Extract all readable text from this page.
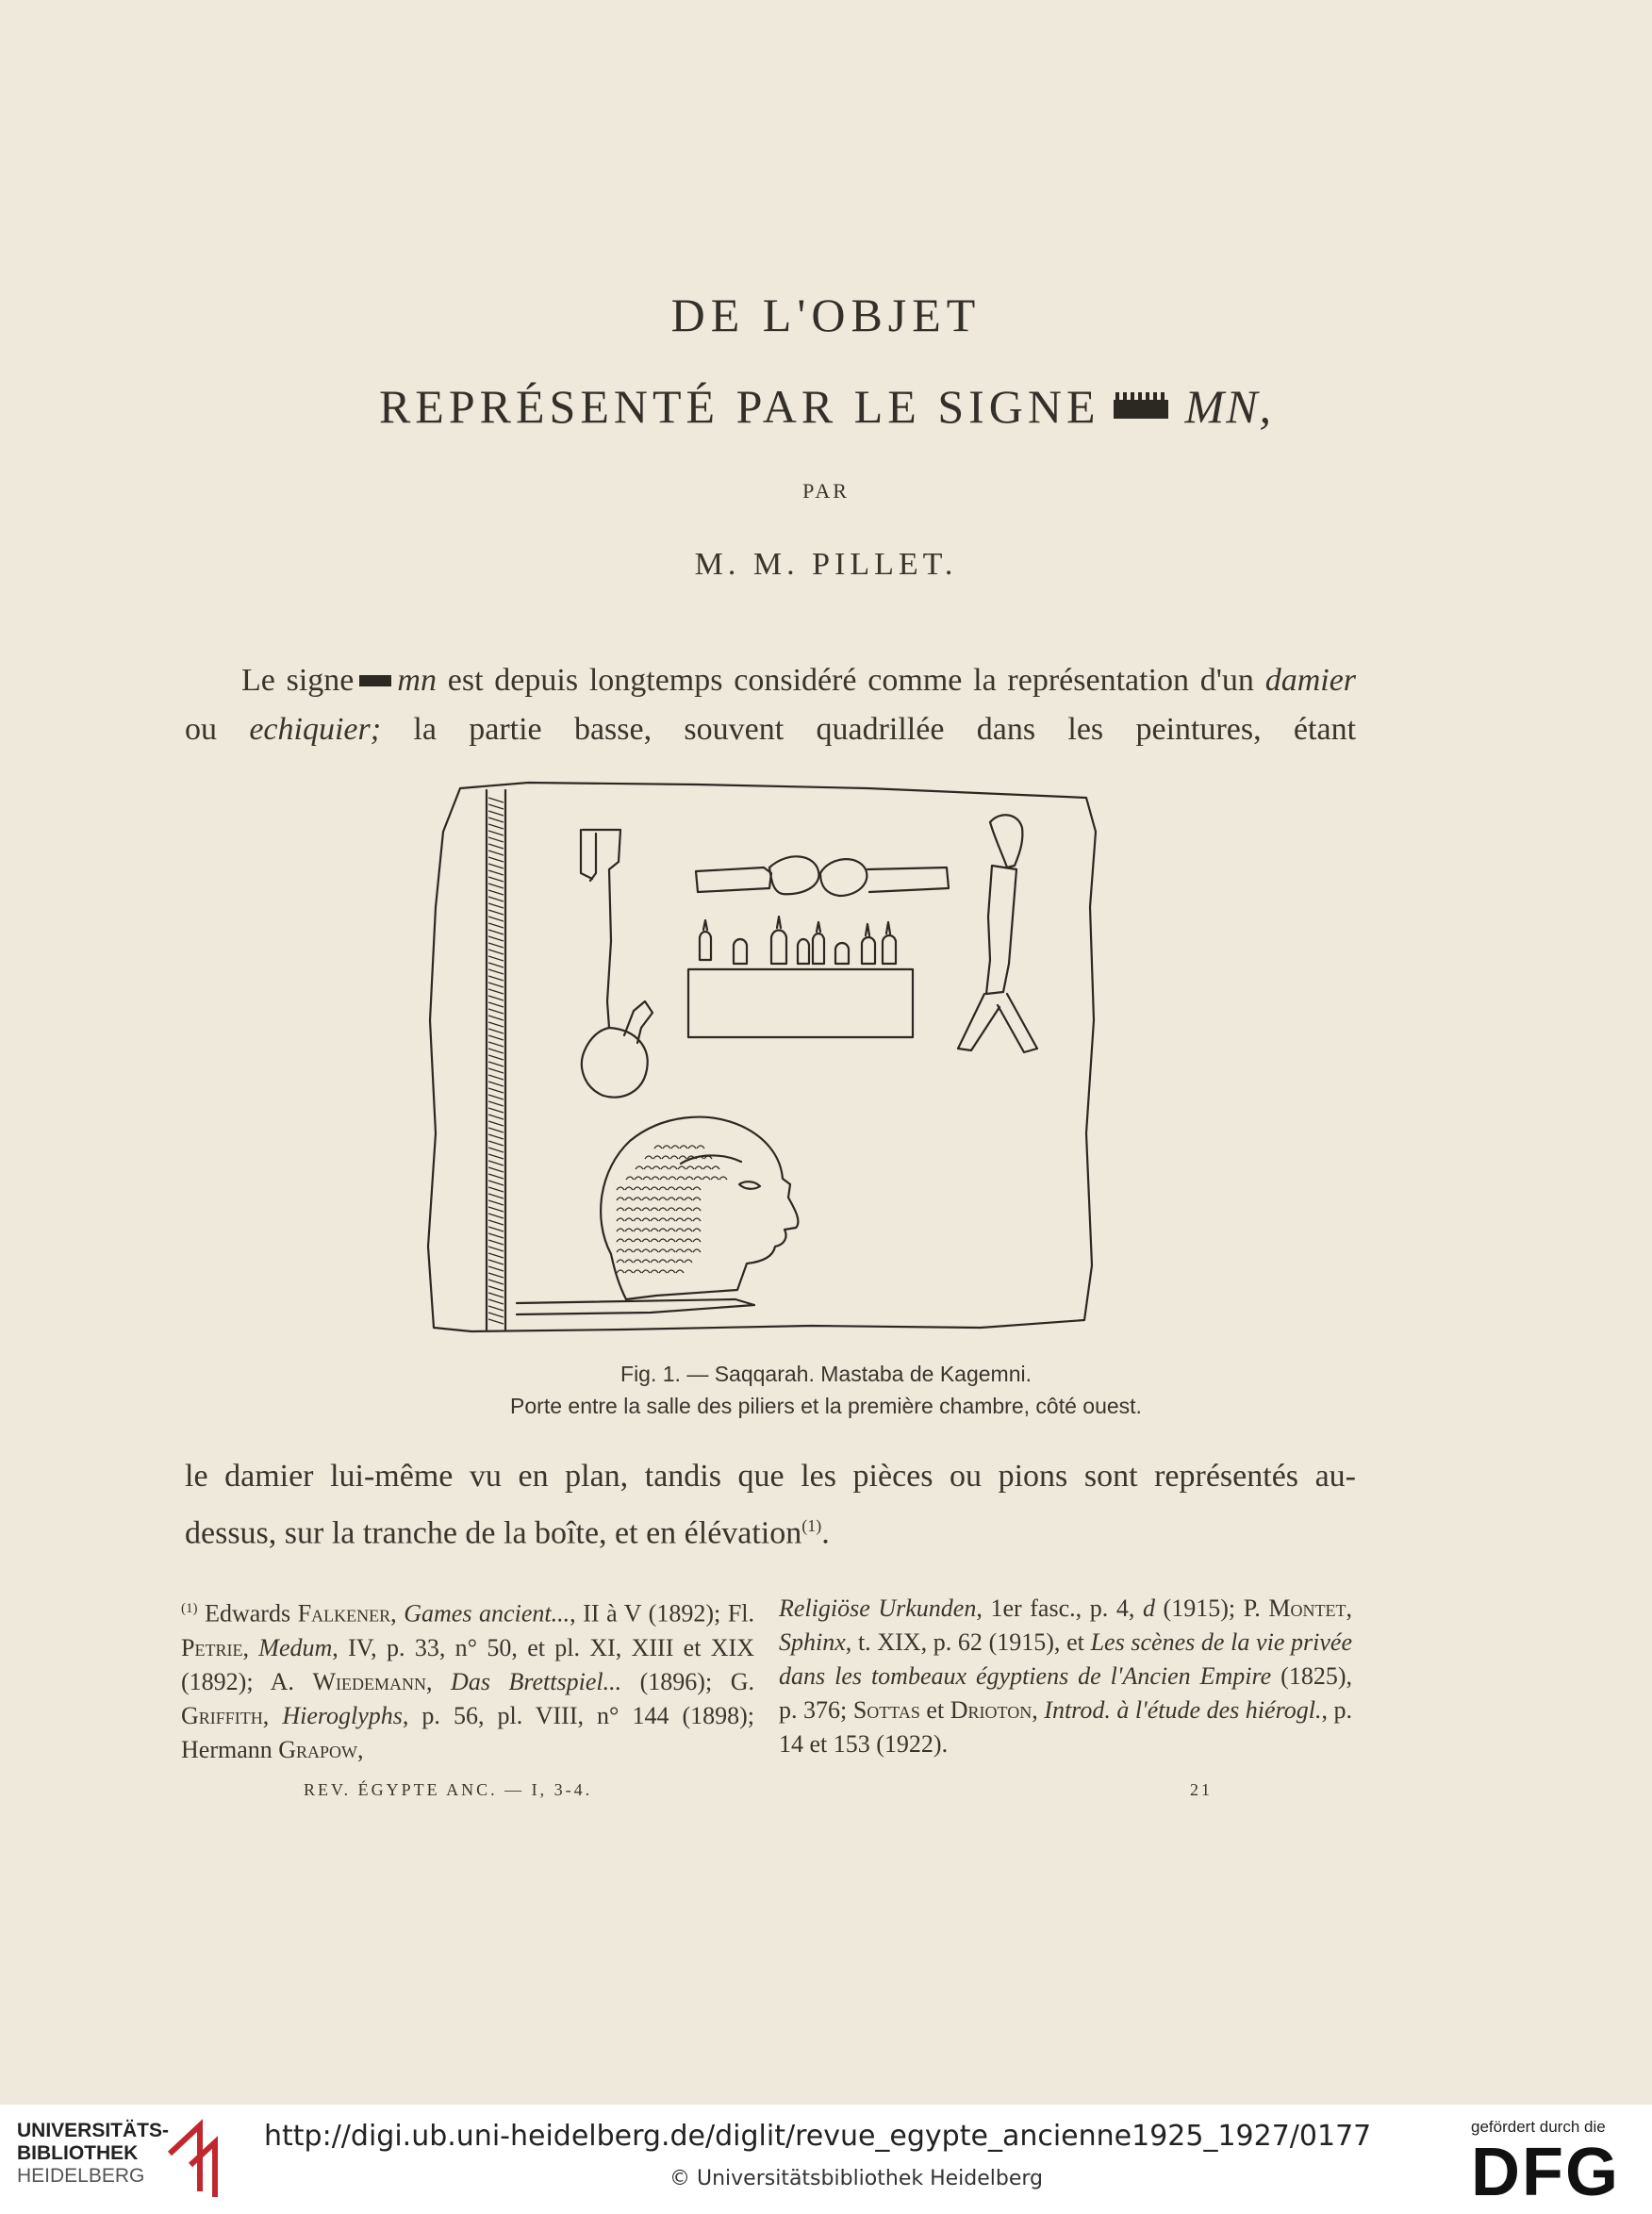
DE L'OBJET
REPRÉSENTÉ PAR LE SIGNE MN,
PAR
M. M. PILLET.
Le signe mn est depuis longtemps considéré comme la représentation d'un damier ou echiquier; la partie basse, souvent quadrillée dans les peintures, étant
Fig. 1. — Saqqarah. Mastaba de Kagemni.
Porte entre la salle des piliers et la première chambre, côté ouest.
le damier lui-même vu en plan, tandis que les pièces ou pions sont représentés au-
dessus, sur la tranche de la boîte, et en élévation$^{(1)}$.
$^{(1)}$ Edwards Falkener, Games ancient..., II à V (1892); Fl. Petrie, Medum, IV, p. 33, n° 50, et pl. XI, XIII et XIX (1892); A. Wiedemann, Das Brettspiel... (1896); G. Griffith, Hieroglyphs, p. 56, pl. VIII, n° 144 (1898); Hermann Grapow,
Religiöse Urkunden, 1er fasc., p. 4, d (1915); P. Montet, Sphinx, t. XIX, p. 62 (1915), et Les scènes de la vie privée dans les tombeaux égyptiens de l'Ancien Empire (1825), p. 376; Sottas et Drioton, Introd. à l'étude des hiérogl., p. 14 et 153 (1922).
REV. ÉGYPTE ANC. — I, 3-4.	21
UNIVERSITÄTS-
BIBLIOTHEK
HEIDELBERG
http://digi.ub.uni-heidelberg.de/diglit/revue_egypte_ancienne1925_1927/0177
© Universitätsbibliothek Heidelberg
gefördert durch die
DFG
